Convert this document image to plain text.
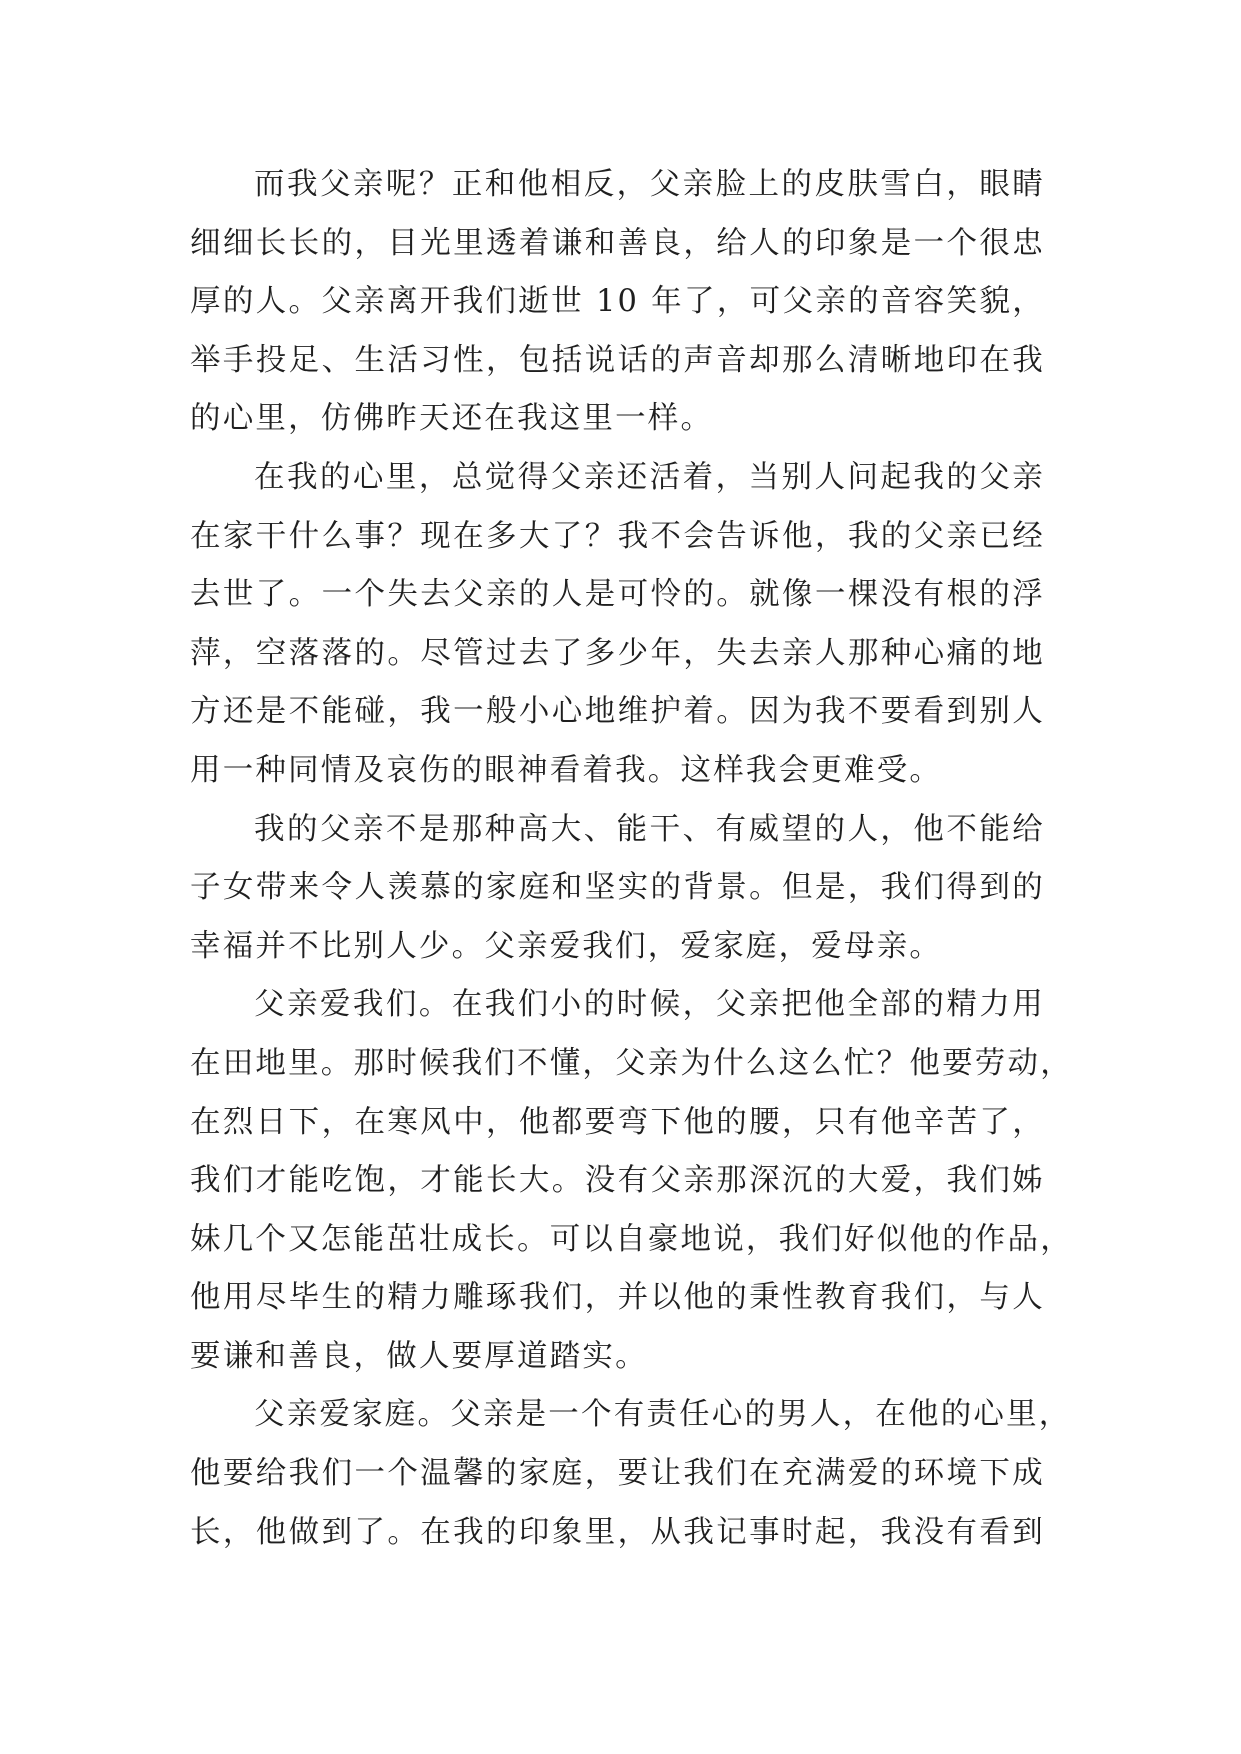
而我父亲呢？正和他相反，父亲脸上的皮肤雪白，眼睛
细细长长的，目光里透着谦和善良，给人的印象是一个很忠
厚的人。父亲离开我们逝世 10 年了，可父亲的音容笑貌，
举手投足、生活习性，包括说话的声音却那么清晰地印在我
的心里，仿佛昨天还在我这里一样。
在我的心里，总觉得父亲还活着，当别人问起我的父亲
在家干什么事？现在多大了？我不会告诉他，我的父亲已经
去世了。一个失去父亲的人是可怜的。就像一棵没有根的浮
萍，空落落的。尽管过去了多少年，失去亲人那种心痛的地
方还是不能碰，我一般小心地维护着。因为我不要看到别人
用一种同情及哀伤的眼神看着我。这样我会更难受。
我的父亲不是那种高大、能干、有威望的人，他不能给
子女带来令人羡慕的家庭和坚实的背景。但是，我们得到的
幸福并不比别人少。父亲爱我们，爱家庭，爱母亲。
父亲爱我们。在我们小的时候，父亲把他全部的精力用
在田地里。那时候我们不懂，父亲为什么这么忙？他要劳动，
在烈日下，在寒风中，他都要弯下他的腰，只有他辛苦了，
我们才能吃饱，才能长大。没有父亲那深沉的大爱，我们姊
妹几个又怎能茁壮成长。可以自豪地说，我们好似他的作品，
他用尽毕生的精力雕琢我们，并以他的秉性教育我们，与人
要谦和善良，做人要厚道踏实。
父亲爱家庭。父亲是一个有责任心的男人，在他的心里，
他要给我们一个温馨的家庭，要让我们在充满爱的环境下成
长，他做到了。在我的印象里，从我记事时起，我没有看到
